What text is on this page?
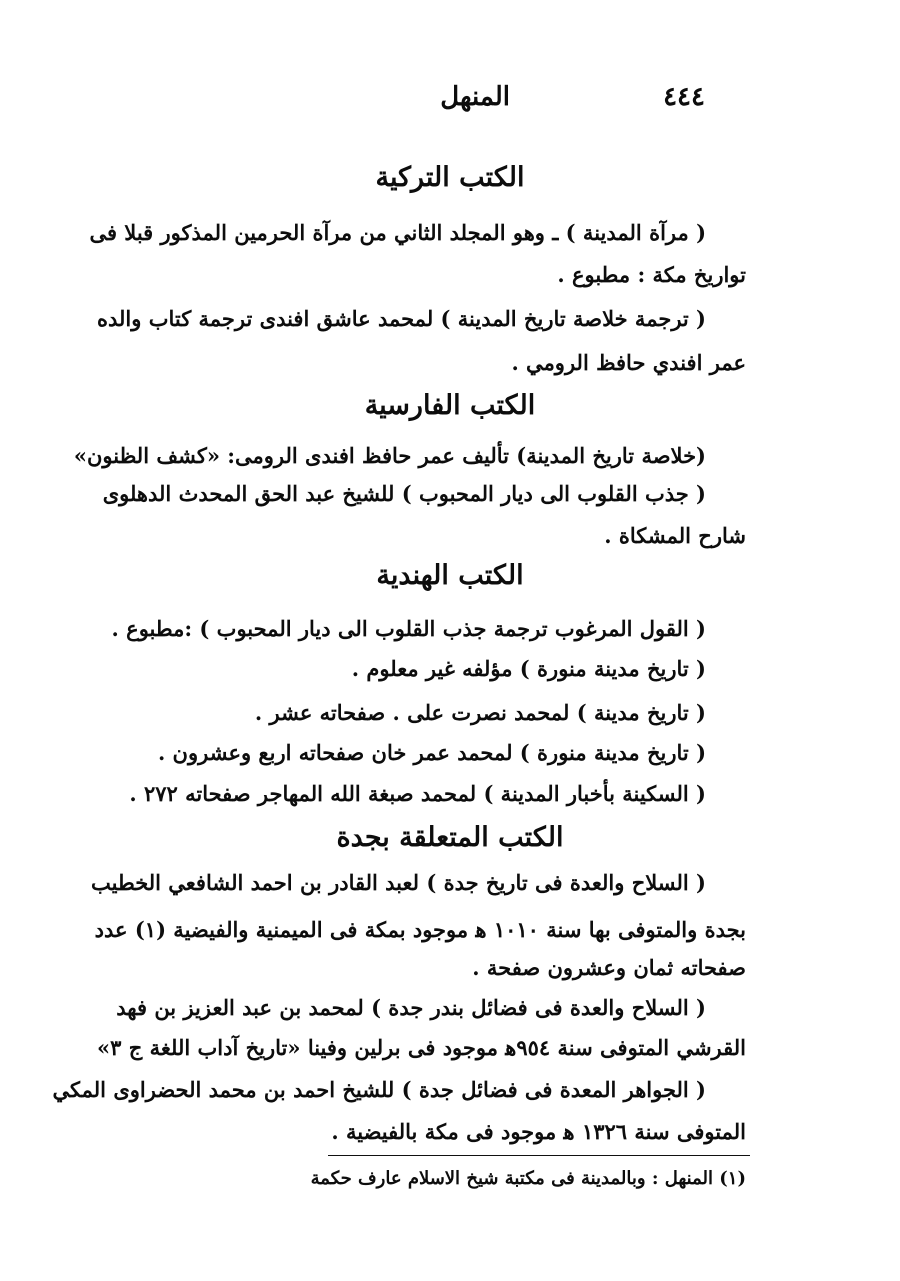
٤٤٤
المنهل
الكتب التركية
( مرآة المدينة ) ـ وهو المجلد الثاني من مرآة الحرمين المذكور قبلا فى
تواريخ مكة : مطبوع .
( ترجمة خلاصة تاريخ المدينة ) لمحمد عاشق افندى ترجمة كتاب والده
عمر افندي حافظ الرومي .
الكتب الفارسية
(خلاصة تاريخ المدينة) تأليف عمر حافظ افندى الرومى: «كشف الظنون»
( جذب القلوب الى ديار المحبوب ) للشيخ عبد الحق المحدث الدهلوى
شارح المشكاة .
الكتب الهندية
( القول المرغوب ترجمة جذب القلوب الى ديار المحبوب ) :مطبوع .
( تاريخ مدينة منورة ) مؤلفه غير معلوم .
( تاريخ مدينة ) لمحمد نصرت على . صفحاته عشر .
( تاريخ مدينة منورة ) لمحمد عمر خان صفحاته اربع وعشرون .
( السكينة بأخبار المدينة ) لمحمد صبغة الله المهاجر صفحاته ٢٧٢ .
الكتب المتعلقة بجدة
( السلاح والعدة فى تاريخ جدة ) لعبد القادر بن احمد الشافعي الخطيب
بجدة والمتوفى بها سنة ١٠١٠ ﻫ موجود بمكة فى الميمنية والفيضية (١) عدد
صفحاته ثمان وعشرون صفحة .
( السلاح والعدة فى فضائل بندر جدة ) لمحمد بن عبد العزيز بن فهد
القرشي المتوفى سنة ٩٥٤ﻫ موجود فى برلين وفينا «تاريخ آداب اللغة ج ٣»
( الجواهر المعدة فى فضائل جدة ) للشيخ احمد بن محمد الحضراوى المكي
المتوفى سنة ١٣٢٦ ﻫ موجود فى مكة بالفيضية .
(١) المنهل : وبالمدينة فى مكتبة شيخ الاسلام عارف حكمة
